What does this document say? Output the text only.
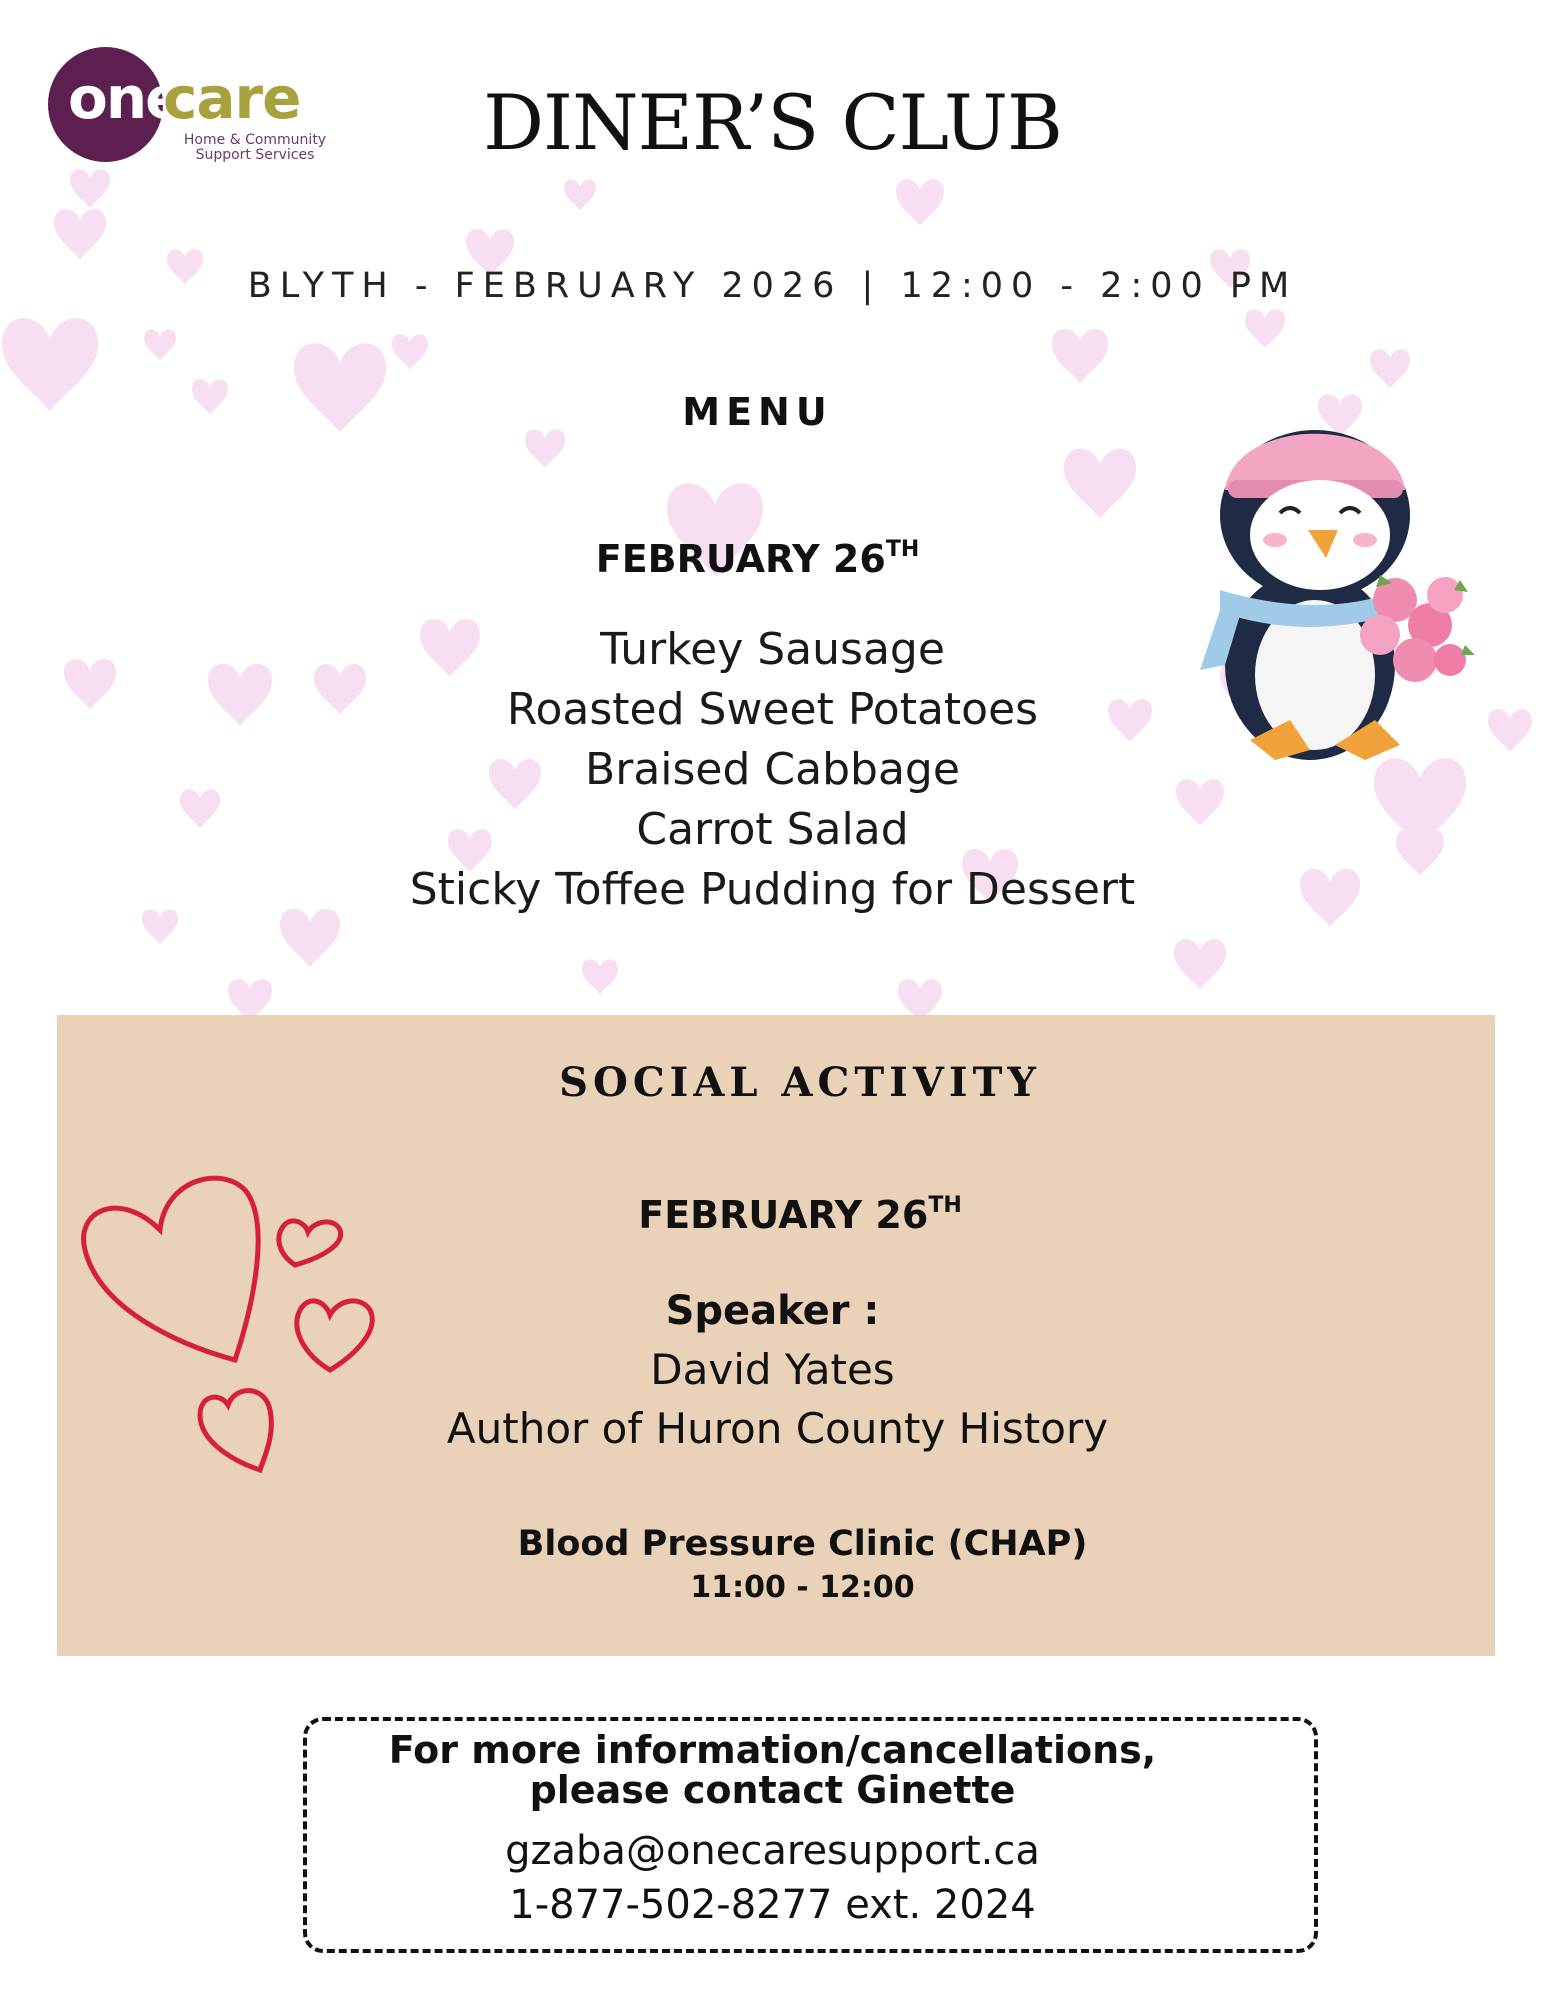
one
care
Home & Community
Support Services	DINER’S CLUB
BLYTH - FEBRUARY 2026 | 12:00 - 2:00 PM
MENU
FEBRUARY 26TH
Turkey Sausage
Roasted Sweet Potatoes
Braised Cabbage
Carrot Salad
Sticky Toffee Pudding for Dessert
SOCIAL ACTIVITY
FEBRUARY 26TH
Speaker :
David Yates
Author of Huron County History
Blood Pressure Clinic (CHAP)
11:00 - 12:00
For more information/cancellations,
please contact Ginette
gzaba@onecaresupport.ca
1-877-502-8277 ext. 2024
